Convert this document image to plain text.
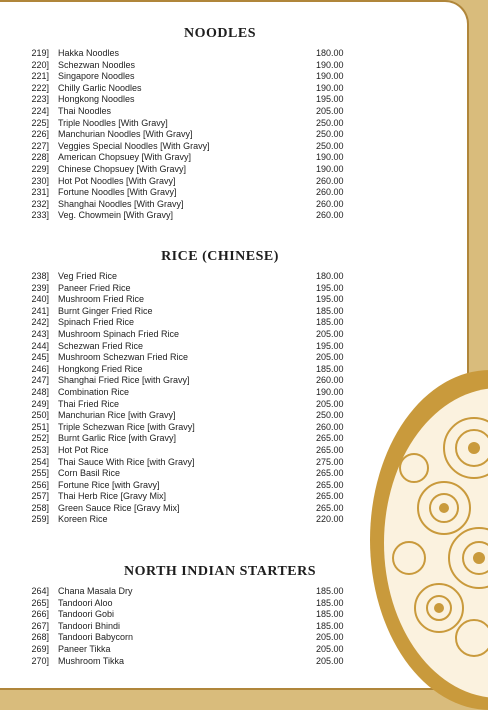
NOODLES
219] Hakka Noodles	180.00
220] Schezwan Noodles	190.00
221] Singapore Noodles	190.00
222] Chilly Garlic Noodles	190.00
223] Hongkong Noodles	195.00
224] Thai Noodles	205.00
225] Triple Noodles [With Gravy]	250.00
226] Manchurian Noodles [With Gravy]	250.00
227] Veggies Special Noodles [With Gravy]	250.00
228] American Chopsuey [With Gravy]	190.00
229] Chinese Chopsuey [With Gravy]	190.00
230] Hot Pot Noodles [With Gravy]	260.00
231] Fortune Noodles [With Gravy]	260.00
232] Shanghai Noodles [With Gravy]	260.00
233] Veg. Chowmein [With Gravy]	260.00
RICE (CHINESE)
238] Veg Fried Rice	180.00
239] Paneer Fried Rice	195.00
240] Mushroom Fried Rice	195.00
241] Burnt Ginger Fried Rice	185.00
242] Spinach Fried Rice	185.00
243] Mushroom Spinach Fried Rice	205.00
244] Schezwan Fried Rice	195.00
245] Mushroom Schezwan Fried Rice	205.00
246] Hongkong Fried Rice	185.00
247] Shanghai Fried Rice [with Gravy]	260.00
248] Combination Rice	190.00
249] Thai Fried Rice	205.00
250] Manchurian Rice [with Gravy]	250.00
251] Triple Schezwan Rice [with Gravy]	260.00
252] Burnt Garlic Rice [with Gravy]	265.00
253] Hot Pot Rice	265.00
254] Thai Sauce With Rice [with Gravy]	275.00
255] Corn Basil Rice	265.00
256] Fortune Rice [with Gravy]	265.00
257] Thai Herb Rice [Gravy Mix]	265.00
258] Green Sauce Rice [Gravy Mix]	265.00
259] Koreen Rice	220.00
NORTH INDIAN STARTERS
264] Chana Masala Dry	185.00
265] Tandoori Aloo	185.00
266] Tandoori Gobi	185.00
267] Tandoori Bhindi	185.00
268] Tandoori Babycorn	205.00
269] Paneer Tikka	205.00
270] Mushroom Tikka	205.00
